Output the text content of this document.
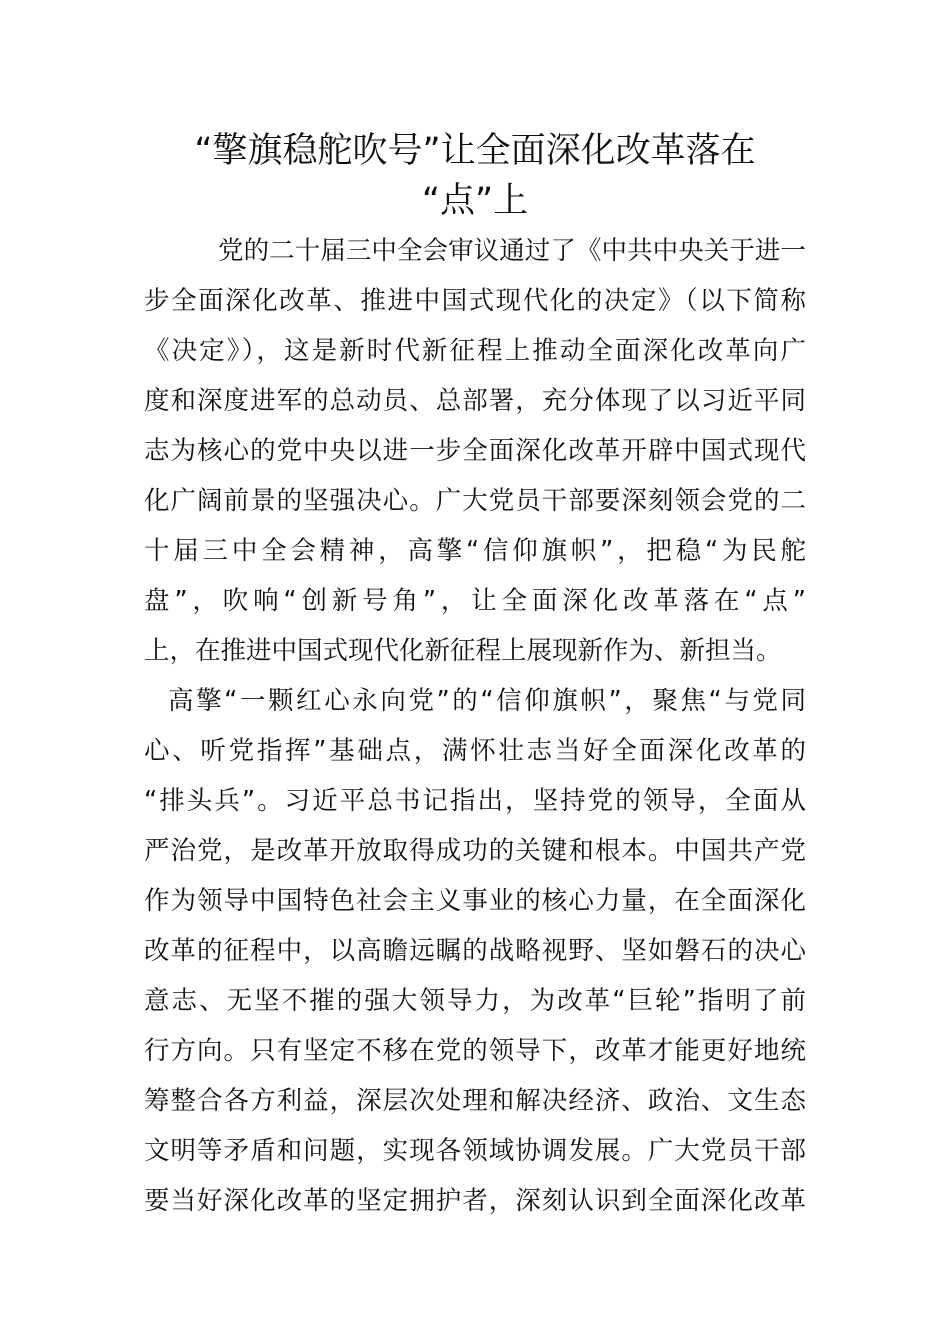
“擎旗稳舵吹号”让全面深化改革落在
“点”上

党的二十届三中全会审议通过了《中共中央关于进一

步全面深化改革、推进中国式现代化的决定》（以下简称

《决定》），这是新时代新征程上推动全面深化改革向广

度和深度进军的总动员、总部署，充分体现了以习近平同

志为核心的党中央以进一步全面深化改革开辟中国式现代

化广阔前景的坚强决心。广大党员干部要深刻领会党的二

十届三中全会精神，高擎“信仰旗帜”，把稳“为民舵

盘”，吹响“创新号角”，让全面深化改革落在“点”

上，在推进中国式现代化新征程上展现新作为、新担当。

高擎“一颗红心永向党”的“信仰旗帜”，聚焦“与党同

心、听党指挥”基础点，满怀壮志当好全面深化改革的

“排头兵”。习近平总书记指出，坚持党的领导，全面从

严治党，是改革开放取得成功的关键和根本。中国共产党

作为领导中国特色社会主义事业的核心力量，在全面深化

改革的征程中，以高瞻远瞩的战略视野、坚如磐石的决心

意志、无坚不摧的强大领导力，为改革“巨轮”指明了前

行方向。只有坚定不移在党的领导下，改革才能更好地统

筹整合各方利益，深层次处理和解决经济、政治、文生态

文明等矛盾和问题，实现各领域协调发展。广大党员干部

要当好深化改革的坚定拥护者，深刻认识到全面深化改革
